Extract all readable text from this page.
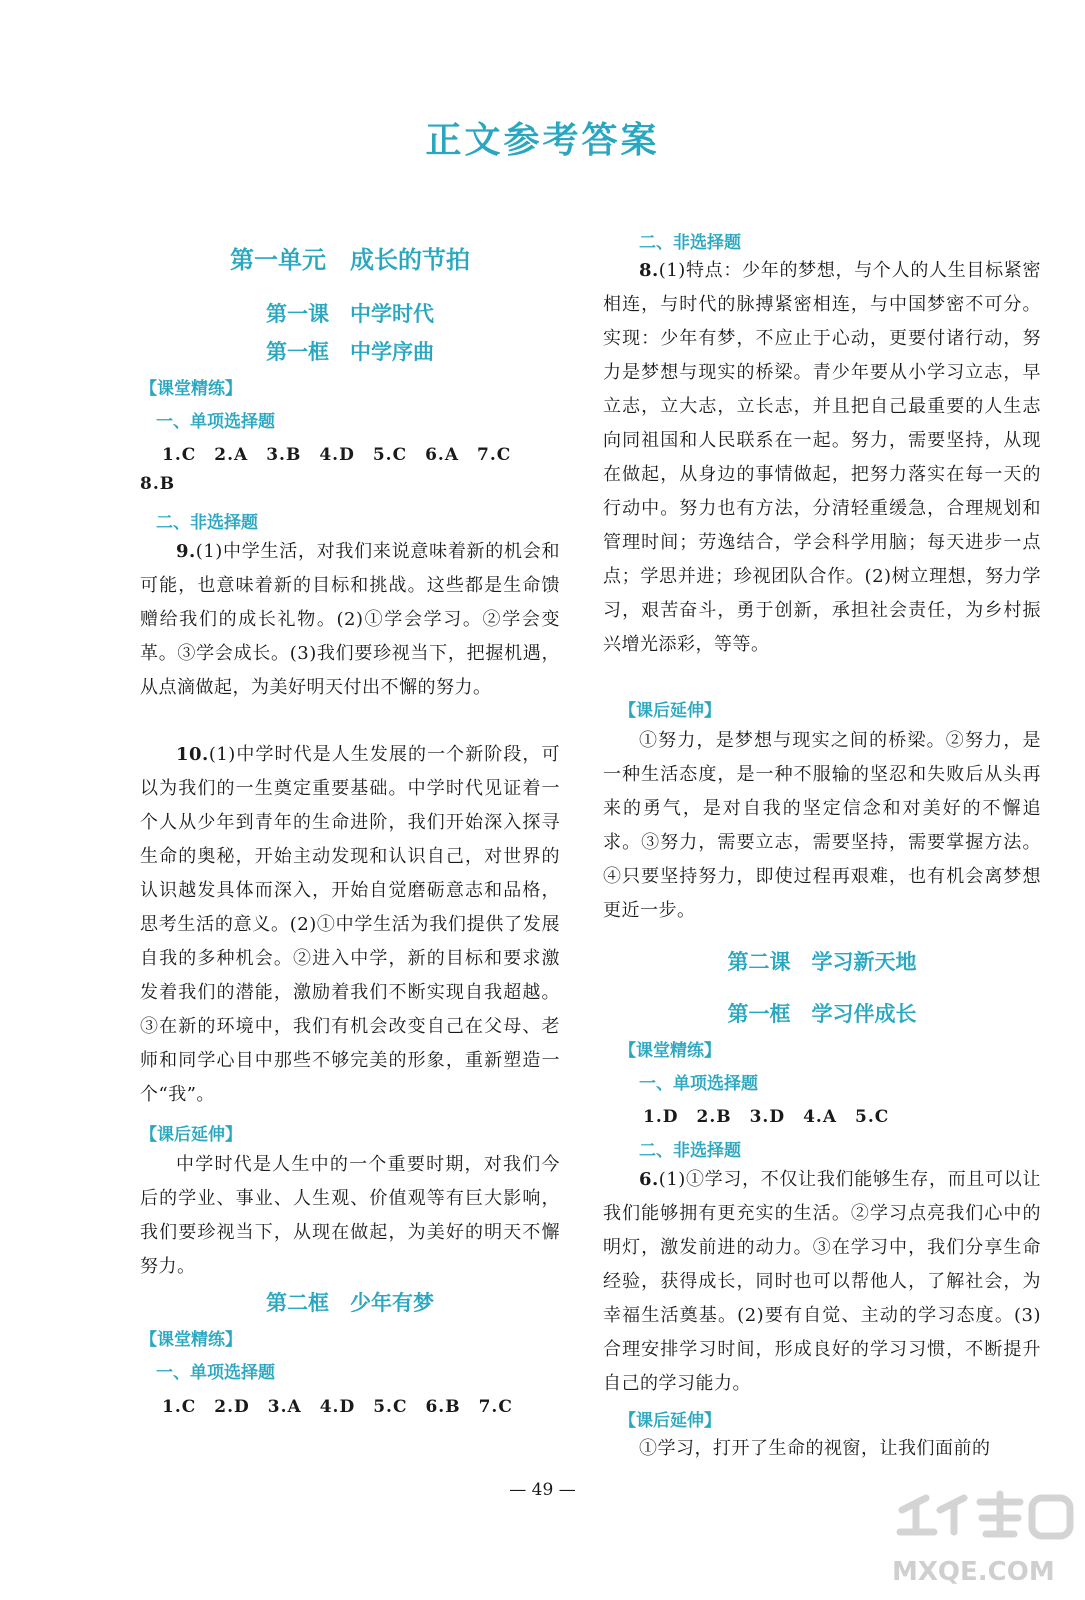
正文参考答案
第一单元　成长的节拍
第一课　中学时代
第一框　中学序曲
【课堂精练】
一、单项选择题
1.C　2.A　3.B　4.D　5.C　6.A　7.C
8.B
二、非选择题

9.(1)中学生活，对我们来说意味着新的机会和可能，也意味着新的目标和挑战。这些都是生命馈赠给我们的成长礼物。(2)①学会学习。②学会变革。③学会成长。(3)我们要珍视当下，把握机遇，从点滴做起，为美好明天付出不懈的努力。

10.(1)中学时代是人生发展的一个新阶段，可以为我们的一生奠定重要基础。中学时代见证着一个人从少年到青年的生命进阶，我们开始深入探寻生命的奥秘，开始主动发现和认识自己，对世界的认识越发具体而深入，开始自觉磨砺意志和品格，思考生活的意义。(2)①中学生活为我们提供了发展自我的多种机会。②进入中学，新的目标和要求激发着我们的潜能，激励着我们不断实现自我超越。③在新的环境中，我们有机会改变自己在父母、老师和同学心目中那些不够完美的形象，重新塑造一个“我”。

【课后延伸】

中学时代是人生中的一个重要时期，对我们今后的学业、事业、人生观、价值观等有巨大影响，我们要珍视当下，从现在做起，为美好的明天不懈努力。

第二框　少年有梦
【课堂精练】
一、单项选择题
1.C　2.D　3.A　4.D　5.C　6.B　7.C
二、非选择题

8.(1)特点：少年的梦想，与个人的人生目标紧密相连，与时代的脉搏紧密相连，与中国梦密不可分。实现：少年有梦，不应止于心动，更要付诸行动，努力是梦想与现实的桥梁。青少年要从小学习立志，早立志，立大志，立长志，并且把自己最重要的人生志向同祖国和人民联系在一起。努力，需要坚持，从现在做起，从身边的事情做起，把努力落实在每一天的行动中。努力也有方法，分清轻重缓急，合理规划和管理时间；劳逸结合，学会科学用脑；每天进步一点点；学思并进；珍视团队合作。(2)树立理想，努力学习，艰苦奋斗，勇于创新，承担社会责任，为乡村振兴增光添彩，等等。

【课后延伸】

①努力，是梦想与现实之间的桥梁。②努力，是一种生活态度，是一种不服输的坚忍和失败后从头再来的勇气，是对自我的坚定信念和对美好的不懈追求。③努力，需要立志，需要坚持，需要掌握方法。④只要坚持努力，即使过程再艰难，也有机会离梦想更近一步。

第二课　学习新天地
第一框　学习伴成长
【课堂精练】
一、单项选择题
1.D　2.B　3.D　4.A　5.C
二、非选择题

6.(1)①学习，不仅让我们能够生存，而且可以让我们能够拥有更充实的生活。②学习点亮我们心中的明灯，激发前进的动力。③在学习中，我们分享生命经验，获得成长，同时也可以帮他人，了解社会，为幸福生活奠基。(2)要有自觉、主动的学习态度。(3)合理安排学习时间，形成良好的学习习惯，不断提升自己的学习能力。

【课后延伸】

①学习，打开了生命的视窗，让我们面前的

— 49 —

MXQE.COM
